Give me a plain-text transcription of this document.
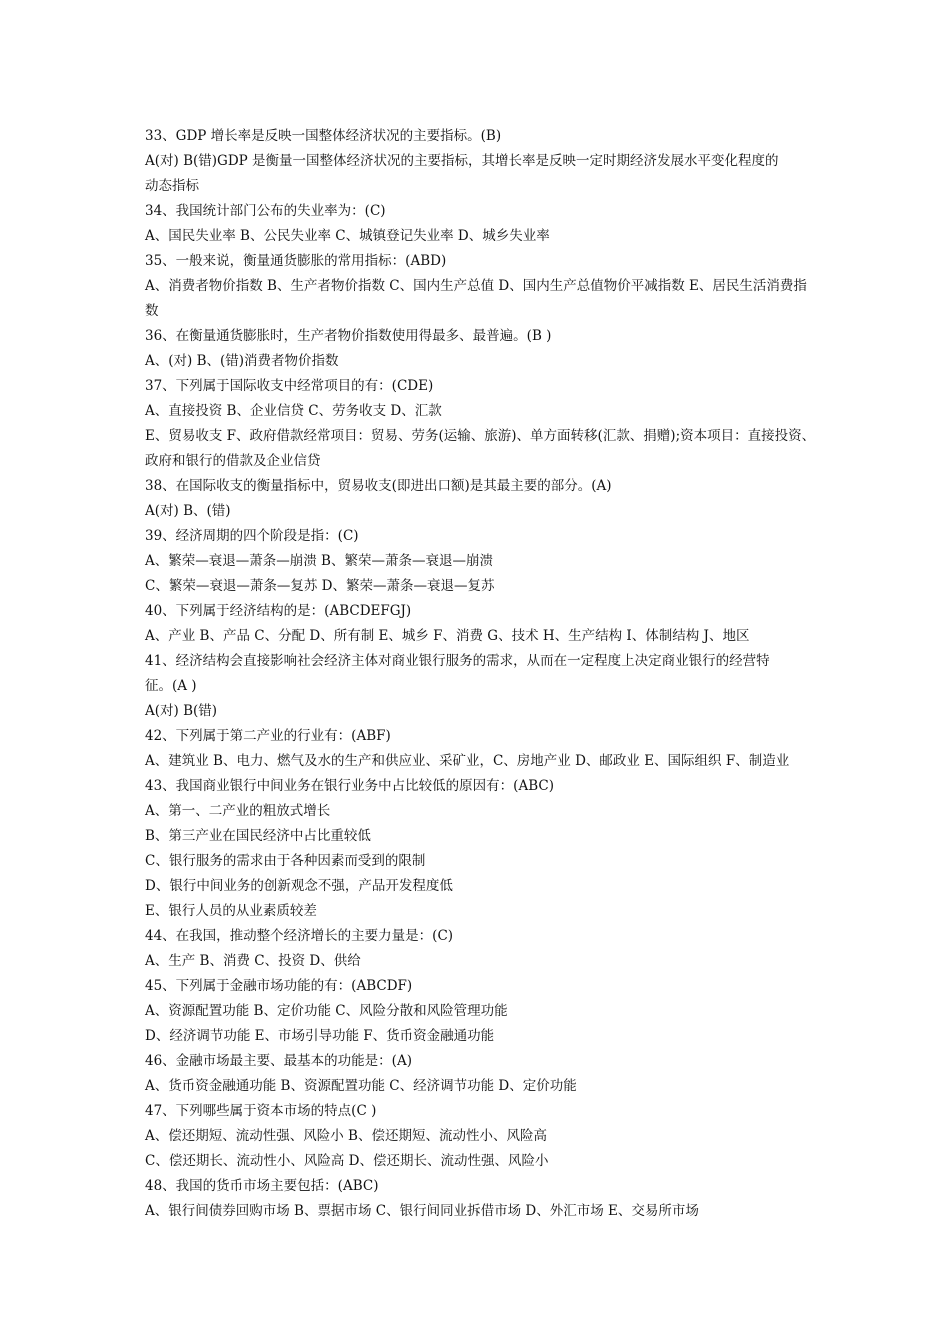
33、GDP 增长率是反映一国整体经济状况的主要指标。(B)
A(对) B(错)GDP 是衡量一国整体经济状况的主要指标，其增长率是反映一定时期经济发展水平变化程度的
动态指标
34、我国统计部门公布的失业率为：(C)
A、国民失业率 B、公民失业率 C、城镇登记失业率 D、城乡失业率
35、一般来说，衡量通货膨胀的常用指标：(ABD)
A、消费者物价指数 B、生产者物价指数 C、国内生产总值 D、国内生产总值物价平减指数 E、居民生活消费指
数
36、在衡量通货膨胀时，生产者物价指数使用得最多、最普遍。(B )
A、(对) B、(错)消费者物价指数
37、下列属于国际收支中经常项目的有：(CDE)
A、直接投资 B、企业信贷 C、劳务收支 D、汇款
E、贸易收支 F、政府借款经常项目：贸易、劳务(运输、旅游)、单方面转移(汇款、捐赠);资本项目：直接投资、
政府和银行的借款及企业信贷
38、在国际收支的衡量指标中，贸易收支(即进出口额)是其最主要的部分。(A)
A(对) B、(错)
39、经济周期的四个阶段是指：(C)
A、繁荣—衰退—萧条—崩溃 B、繁荣—萧条—衰退—崩溃
C、繁荣—衰退—萧条—复苏 D、繁荣—萧条—衰退—复苏
40、下列属于经济结构的是：(ABCDEFGJ)
A、产业 B、产品 C、分配 D、所有制 E、城乡 F、消费 G、技术 H、生产结构 I、体制结构 J、地区
41、经济结构会直接影响社会经济主体对商业银行服务的需求，从而在一定程度上决定商业银行的经营特
征。(A )
A(对) B(错)
42、下列属于第二产业的行业有：(ABF)
A、建筑业 B、电力、燃气及水的生产和供应业、采矿业，C、房地产业 D、邮政业 E、国际组织 F、制造业
43、我国商业银行中间业务在银行业务中占比较低的原因有：(ABC)
A、第一、二产业的粗放式增长
B、第三产业在国民经济中占比重较低
C、银行服务的需求由于各种因素而受到的限制
D、银行中间业务的创新观念不强，产品开发程度低
E、银行人员的从业素质较差
44、在我国，推动整个经济增长的主要力量是：(C)
A、生产 B、消费 C、投资 D、供给
45、下列属于金融市场功能的有：(ABCDF)
A、资源配置功能 B、定价功能 C、风险分散和风险管理功能
D、经济调节功能 E、市场引导功能 F、货币资金融通功能
46、金融市场最主要、最基本的功能是：(A)
A、货币资金融通功能 B、资源配置功能 C、经济调节功能 D、定价功能
47、下列哪些属于资本市场的特点(C )
A、偿还期短、流动性强、风险小 B、偿还期短、流动性小、风险高
C、偿还期长、流动性小、风险高 D、偿还期长、流动性强、风险小
48、我国的货币市场主要包括：(ABC)
A、银行间债券回购市场 B、票据市场 C、银行间同业拆借市场 D、外汇市场 E、交易所市场
